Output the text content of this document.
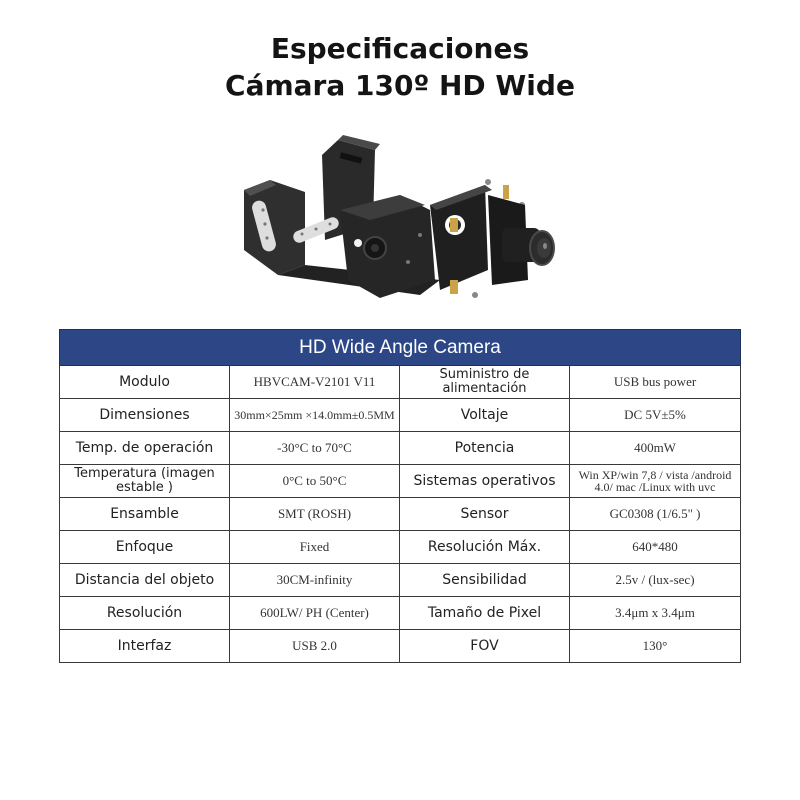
Especificaciones
Cámara 130º HD Wide
HD Wide Angle Camera			
Modulo	HBVCAM-V2101 V11	Suministro de alimentación	USB bus power
Dimensiones	30mm×25mm ×14.0mm±0.5MM	Voltaje	DC 5V±5%
Temp. de operación	-30°C to 70°C	Potencia	400mW
Temperatura (imagen estable )	0°C to 50°C	Sistemas operativos	Win XP/win 7,8 / vista /android 4.0/ mac /Linux with uvc
Ensamble	SMT (ROSH)	Sensor	GC0308 (1/6.5" )
Enfoque	Fixed	Resolución Máx.	640*480
Distancia del objeto	30CM-infinity	Sensibilidad	2.5v / (lux-sec)
Resolución	600LW/ PH (Center)	Tamaño de Pixel	3.4μm x 3.4μm
Interfaz	USB 2.0	FOV	130°
